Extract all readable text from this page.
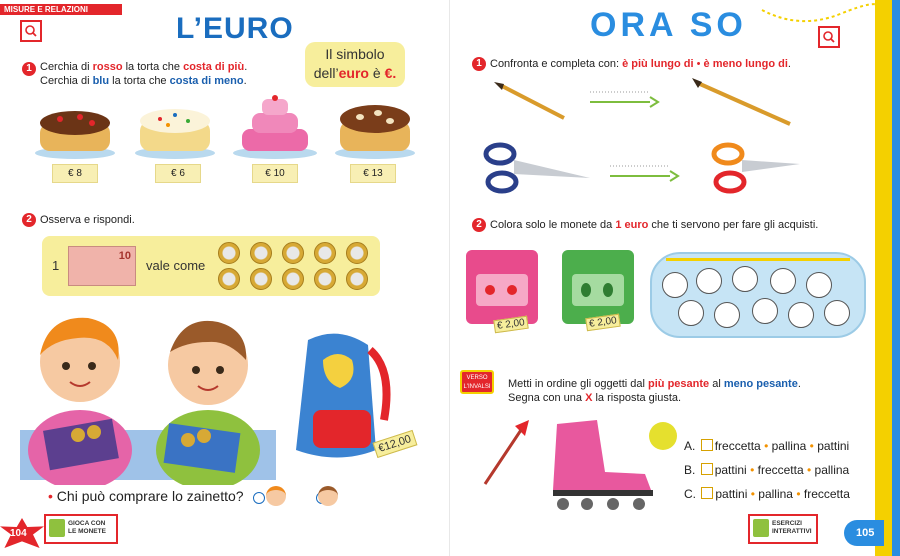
MISURE E RELAZIONI
L’EURO
Il simbolo
dell’euro è €.
1 Cerchia di rosso la torta che costa di più.
Cerchia di blu la torta che costa di meno.
€ 8	€ 6	€ 10	€ 13
2 Osserva e rispondi.
1
10
vale come
€12,00
• Chi può comprare lo zainetto?
104
GIOCA CON
LE MONETE
ORA SO
1 Confronta e completa con: è più lungo di • è meno lungo di.
2 Colora solo le monete da 1 euro che ti servono per fare gli acquisti.
€ 2,00	€ 2,00
VERSO
L'INVALSI Metti in ordine gli oggetti dal più pesante al meno pesante.
Segna con una X la risposta giusta.
A. freccetta • pallina • pattini
B. pattini • freccetta • pallina
C. pattini • pallina • freccetta
ESERCIZI
INTERATTIVI	105
